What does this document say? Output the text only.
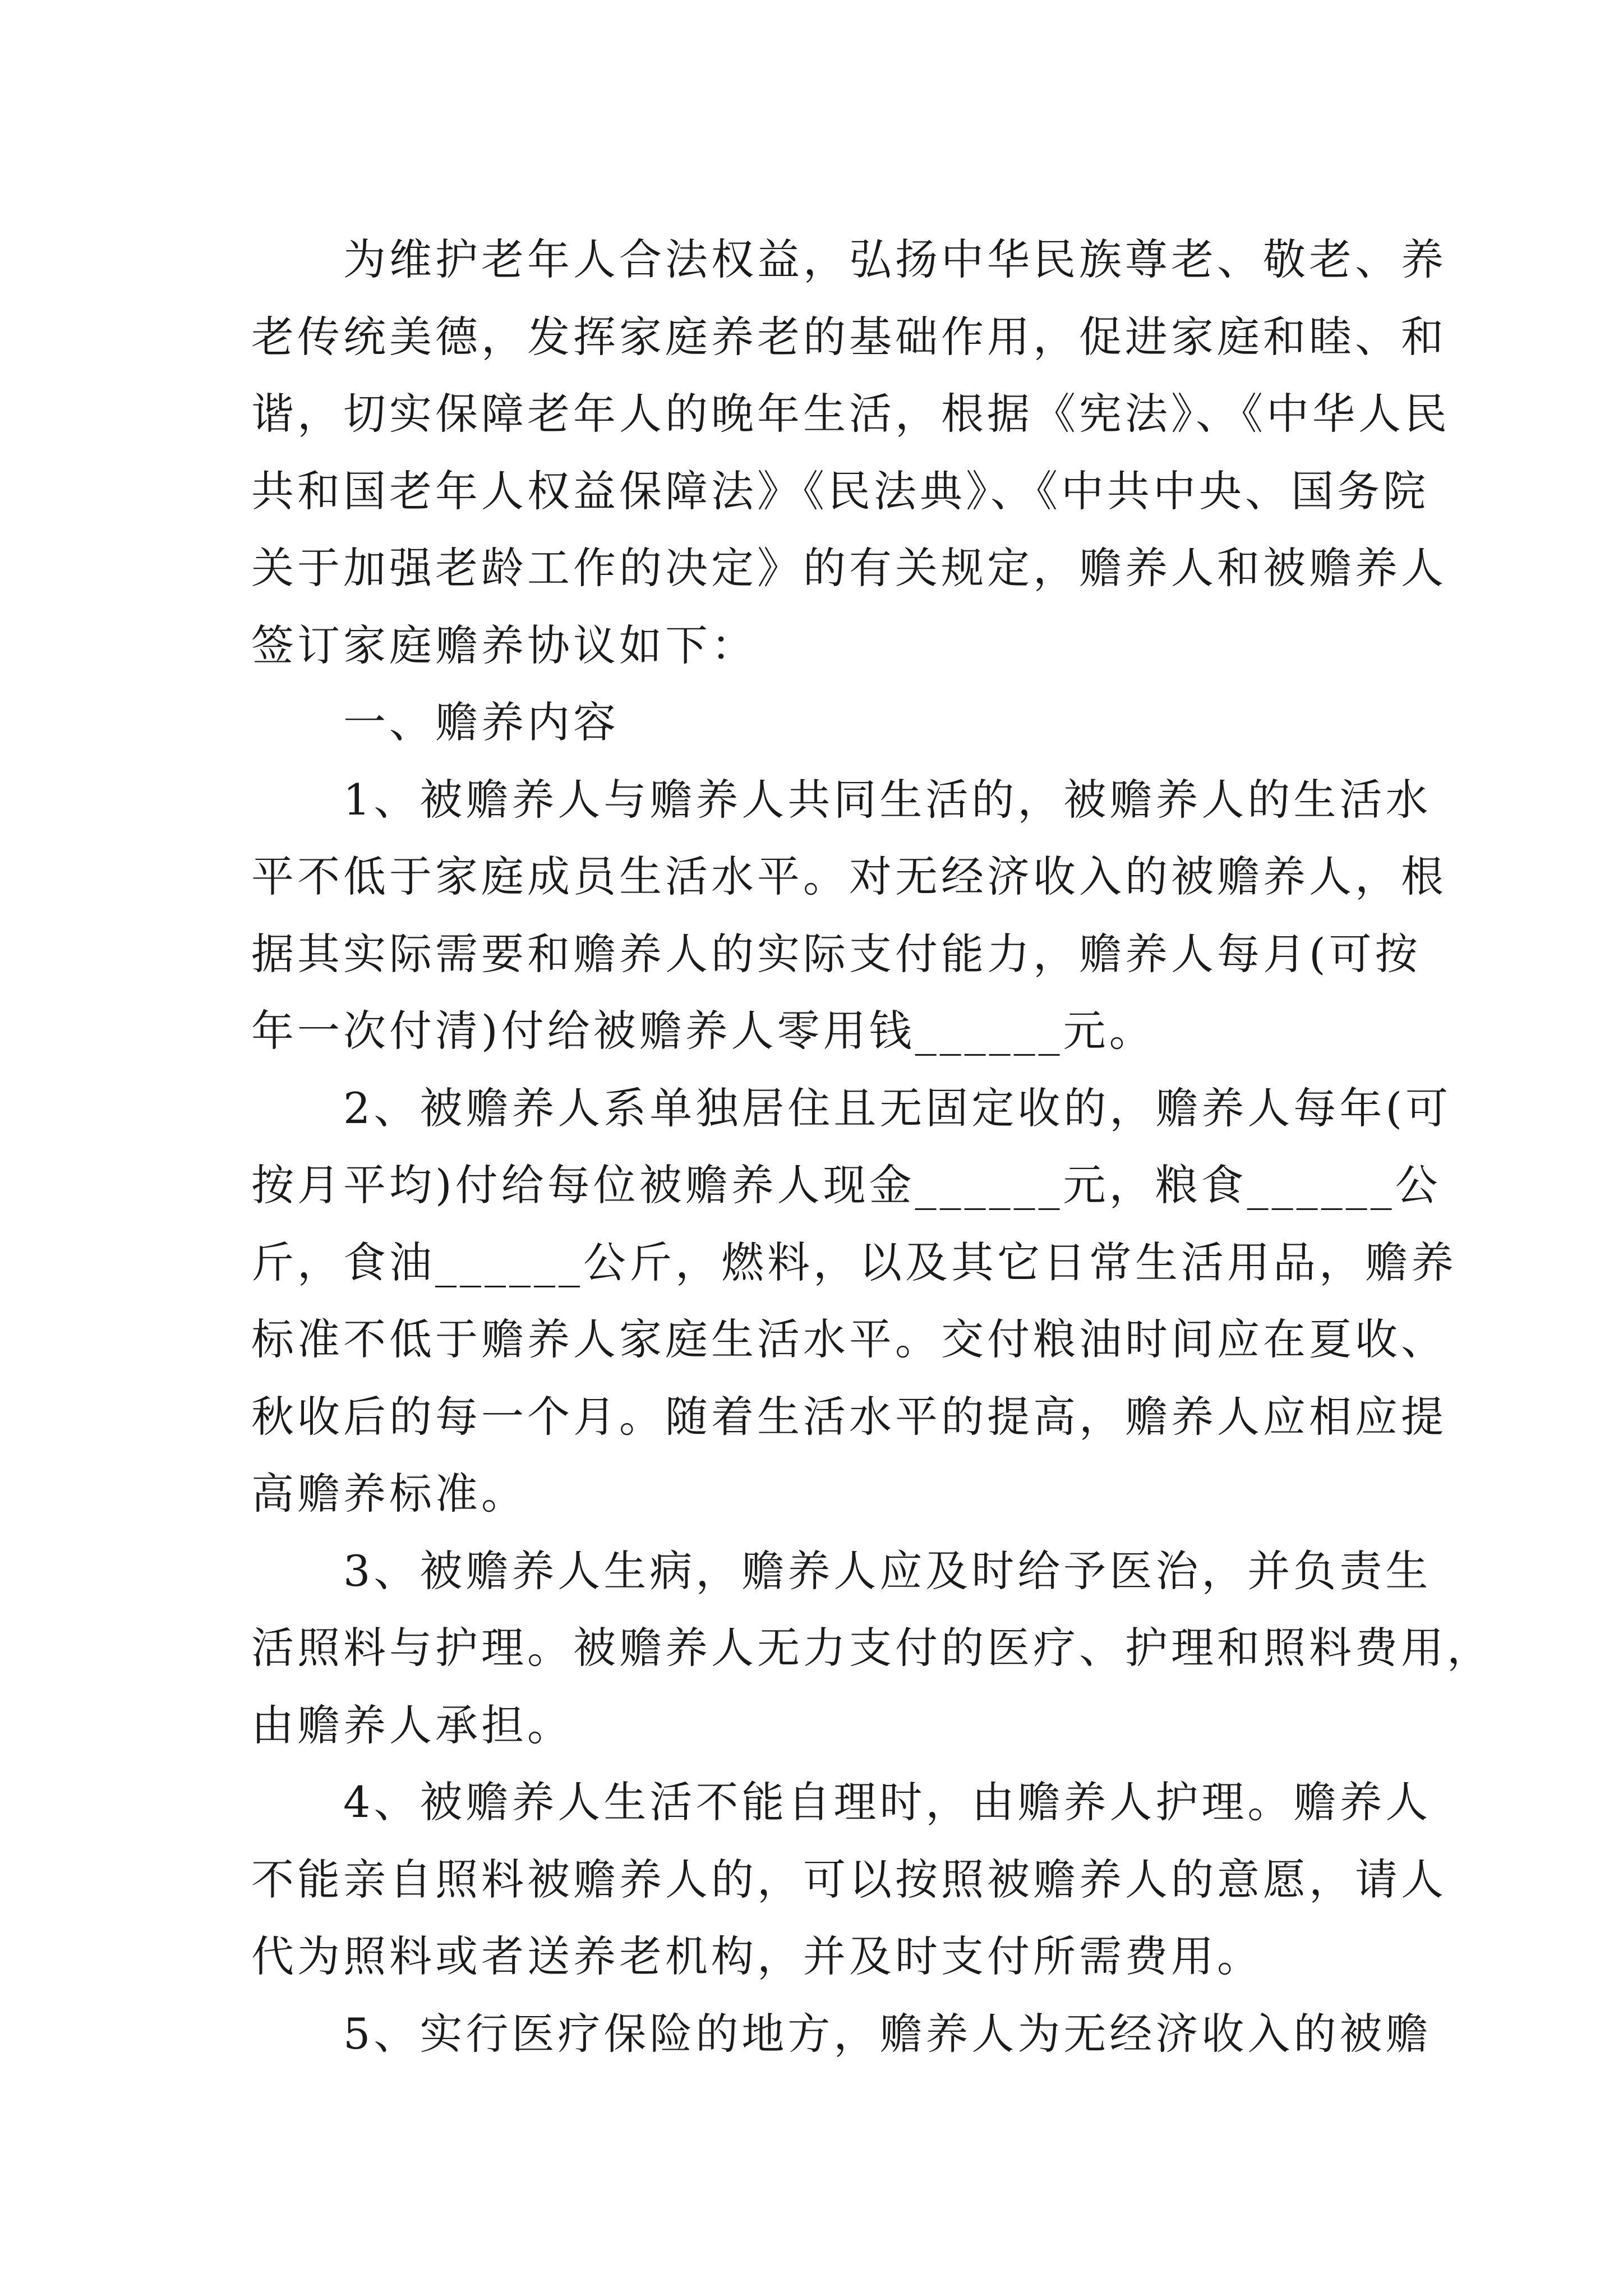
　　为维护老年人合法权益，弘扬中华民族尊老、敬老、养
老传统美德，发挥家庭养老的基础作用，促进家庭和睦、和
谐，切实保障老年人的晚年生活，根据《宪法》、《中华人民
共和国老年人权益保障法》《民法典》、《中共中央、国务院
关于加强老龄工作的决定》的有关规定，赡养人和被赡养人
签订家庭赡养协议如下：
　　一、赡养内容
　　1、被赡养人与赡养人共同生活的，被赡养人的生活水
平不低于家庭成员生活水平。对无经济收入的被赡养人，根
据其实际需要和赡养人的实际支付能力，赡养人每月(可按
年一次付清)付给被赡养人零用钱______元。
　　2、被赡养人系单独居住且无固定收的，赡养人每年(可
按月平均)付给每位被赡养人现金______元，粮食______公
斤，食油______公斤，燃料，以及其它日常生活用品，赡养
标准不低于赡养人家庭生活水平。交付粮油时间应在夏收、
秋收后的每一个月。随着生活水平的提高，赡养人应相应提
高赡养标准。
　　3、被赡养人生病，赡养人应及时给予医治，并负责生
活照料与护理。被赡养人无力支付的医疗、护理和照料费用，
由赡养人承担。
　　4、被赡养人生活不能自理时，由赡养人护理。赡养人
不能亲自照料被赡养人的，可以按照被赡养人的意愿，请人
代为照料或者送养老机构，并及时支付所需费用。
　　5、实行医疗保险的地方，赡养人为无经济收入的被赡
